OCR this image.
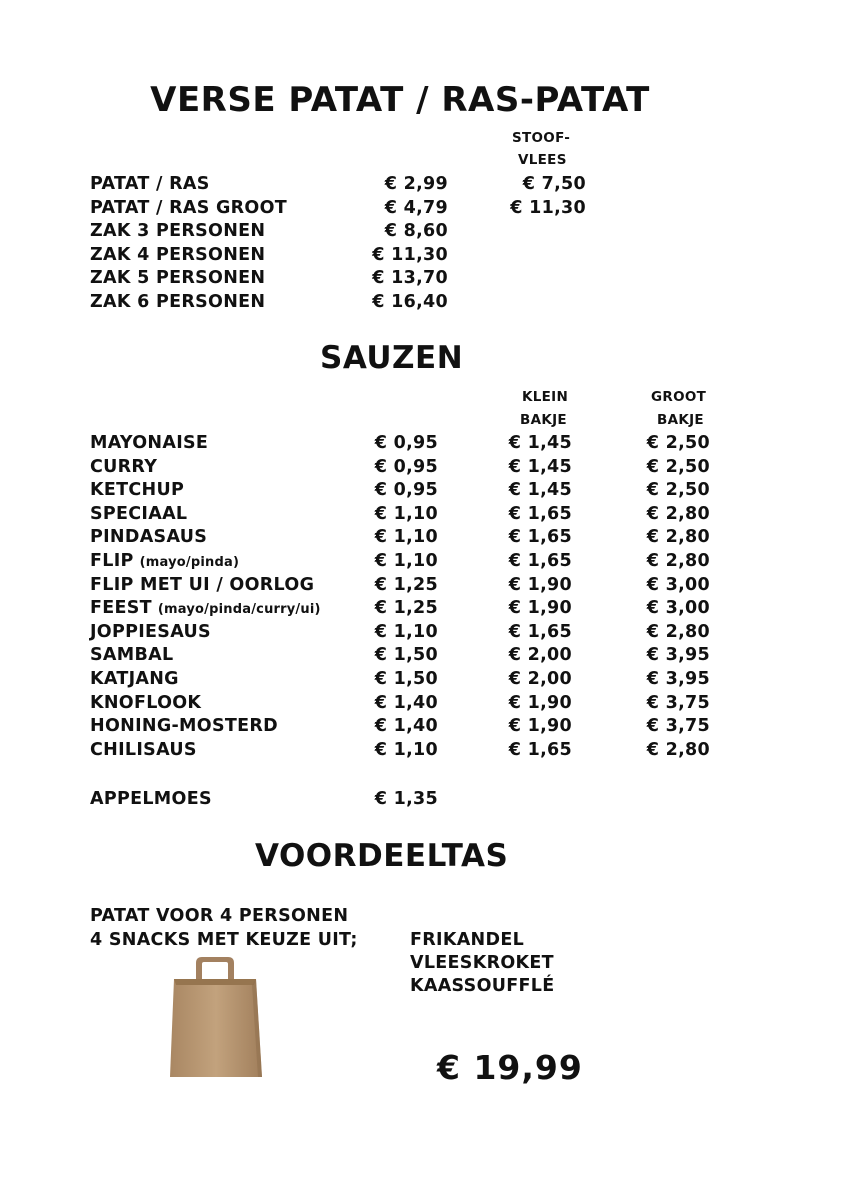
VERSE PATAT / RAS-PATAT
STOOF-
VLEES
PATAT / RAS	€ 2,99	€ 7,50
PATAT / RAS GROOT	€ 4,79	€ 11,30
ZAK 3 PERSONEN	€ 8,60
ZAK 4 PERSONEN	€ 11,30
ZAK 5 PERSONEN	€ 13,70
ZAK 6 PERSONEN	€ 16,40
SAUZEN
KLEIN
BAKJE
GROOT
BAKJE
MAYONAISE	€ 0,95	€ 1,45	€ 2,50
CURRY	€ 0,95	€ 1,45	€ 2,50
KETCHUP	€ 0,95	€ 1,45	€ 2,50
SPECIAAL	€ 1,10	€ 1,65	€ 2,80
PINDASAUS	€ 1,10	€ 1,65	€ 2,80
FLIP (mayo/pinda)	€ 1,10	€ 1,65	€ 2,80
FLIP MET UI / OORLOG	€ 1,25	€ 1,90	€ 3,00
FEEST (mayo/pinda/curry/ui)	€ 1,25	€ 1,90	€ 3,00
JOPPIESAUS	€ 1,10	€ 1,65	€ 2,80
SAMBAL	€ 1,50	€ 2,00	€ 3,95
KATJANG	€ 1,50	€ 2,00	€ 3,95
KNOFLOOK	€ 1,40	€ 1,90	€ 3,75
HONING-MOSTERD	€ 1,40	€ 1,90	€ 3,75
CHILISAUS	€ 1,10	€ 1,65	€ 2,80
APPELMOES	€ 1,35
VOORDEELTAS
PATAT VOOR 4 PERSONEN
4 SNACKS MET KEUZE UIT;	FRIKANDEL
VLEESKROKET
KAASSOUFFLÉ
€ 19,99
